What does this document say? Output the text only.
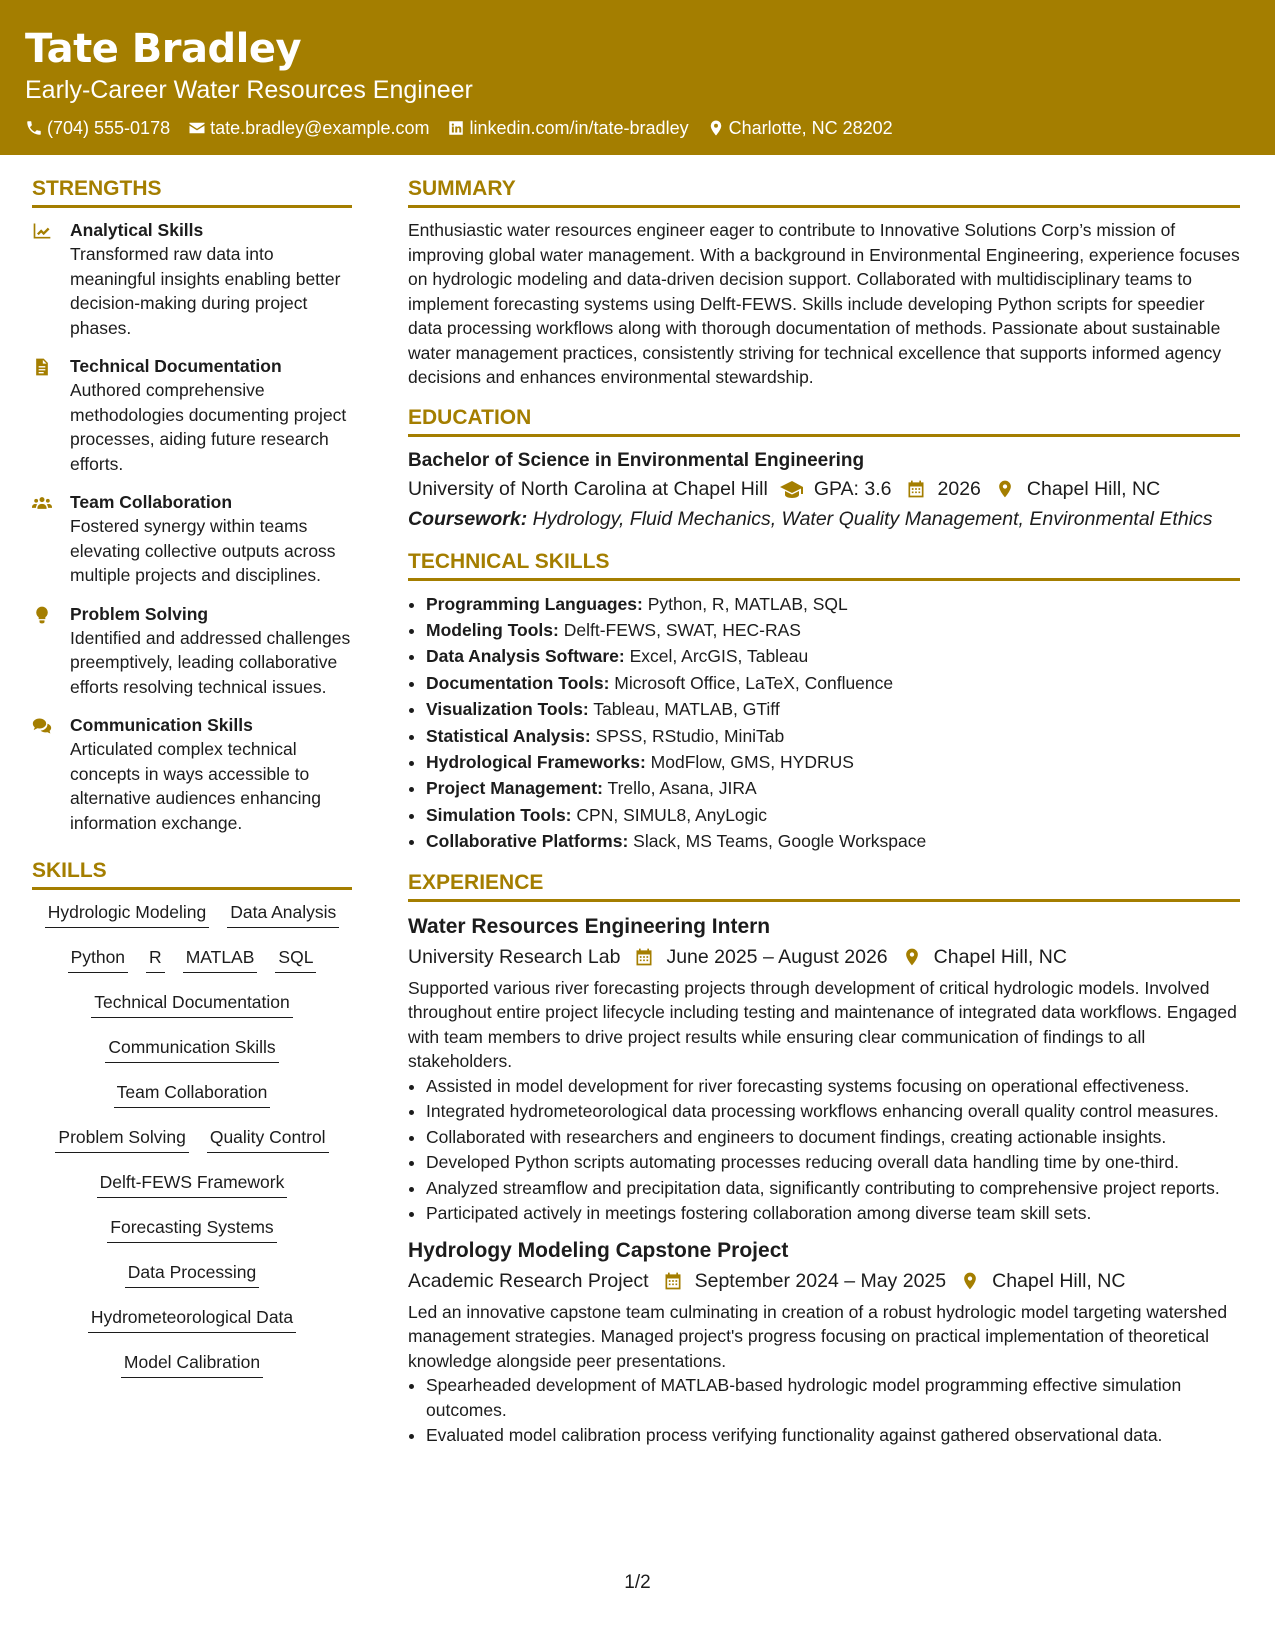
Tate Bradley
Early-Career Water Resources Engineer
(704) 555-0178 tate.bradley@example.com linkedin.com/in/tate-bradley Charlotte, NC 28202
STRENGTHS
Analytical Skills
Transformed raw data into meaningful insights enabling better decision-making during project phases.
Technical Documentation
Authored comprehensive methodologies documenting project processes, aiding future research efforts.
Team Collaboration
Fostered synergy within teams elevating collective outputs across multiple projects and disciplines.
Problem Solving
Identified and addressed challenges preemptively, leading collaborative efforts resolving technical issues.
Communication Skills
Articulated complex technical concepts in ways accessible to alternative audiences enhancing information exchange.
SKILLS
Hydrologic Modeling Data Analysis
Python R MATLAB SQL
Technical Documentation
Communication Skills
Team Collaboration
Problem Solving Quality Control
Delft-FEWS Framework
Forecasting Systems
Data Processing
Hydrometeorological Data
Model Calibration
SUMMARY
Enthusiastic water resources engineer eager to contribute to Innovative Solutions Corp’s mission of improving global water management. With a background in Environmental Engineering, experience focuses on hydrologic modeling and data-driven decision support. Collaborated with multidisciplinary teams to implement forecasting systems using Delft-FEWS. Skills include developing Python scripts for speedier data processing workflows along with thorough documentation of methods. Passionate about sustainable water management practices, consistently striving for technical excellence that supports informed agency decisions and enhances environmental stewardship.
EDUCATION
Bachelor of Science in Environmental Engineering
University of North Carolina at Chapel Hill GPA: 3.6 2026 Chapel Hill, NC
Coursework: Hydrology, Fluid Mechanics, Water Quality Management, Environmental Ethics
TECHNICAL SKILLS
• Programming Languages: Python, R, MATLAB, SQL
• Modeling Tools: Delft-FEWS, SWAT, HEC-RAS
• Data Analysis Software: Excel, ArcGIS, Tableau
• Documentation Tools: Microsoft Office, LaTeX, Confluence
• Visualization Tools: Tableau, MATLAB, GTiff
• Statistical Analysis: SPSS, RStudio, MiniTab
• Hydrological Frameworks: ModFlow, GMS, HYDRUS
• Project Management: Trello, Asana, JIRA
• Simulation Tools: CPN, SIMUL8, AnyLogic
• Collaborative Platforms: Slack, MS Teams, Google Workspace
EXPERIENCE
Water Resources Engineering Intern
University Research Lab June 2025 – August 2026 Chapel Hill, NC
Supported various river forecasting projects through development of critical hydrologic models. Involved throughout entire project lifecycle including testing and maintenance of integrated data workflows. Engaged with team members to drive project results while ensuring clear communication of findings to all stakeholders.
• Assisted in model development for river forecasting systems focusing on operational effectiveness.
• Integrated hydrometeorological data processing workflows enhancing overall quality control measures.
• Collaborated with researchers and engineers to document findings, creating actionable insights.
• Developed Python scripts automating processes reducing overall data handling time by one-third.
• Analyzed streamflow and precipitation data, significantly contributing to comprehensive project reports.
• Participated actively in meetings fostering collaboration among diverse team skill sets.
Hydrology Modeling Capstone Project
Academic Research Project September 2024 – May 2025 Chapel Hill, NC
Led an innovative capstone team culminating in creation of a robust hydrologic model targeting watershed management strategies. Managed project's progress focusing on practical implementation of theoretical knowledge alongside peer presentations.
• Spearheaded development of MATLAB-based hydrologic model programming effective simulation outcomes.
• Evaluated model calibration process verifying functionality against gathered observational data.
1/2
